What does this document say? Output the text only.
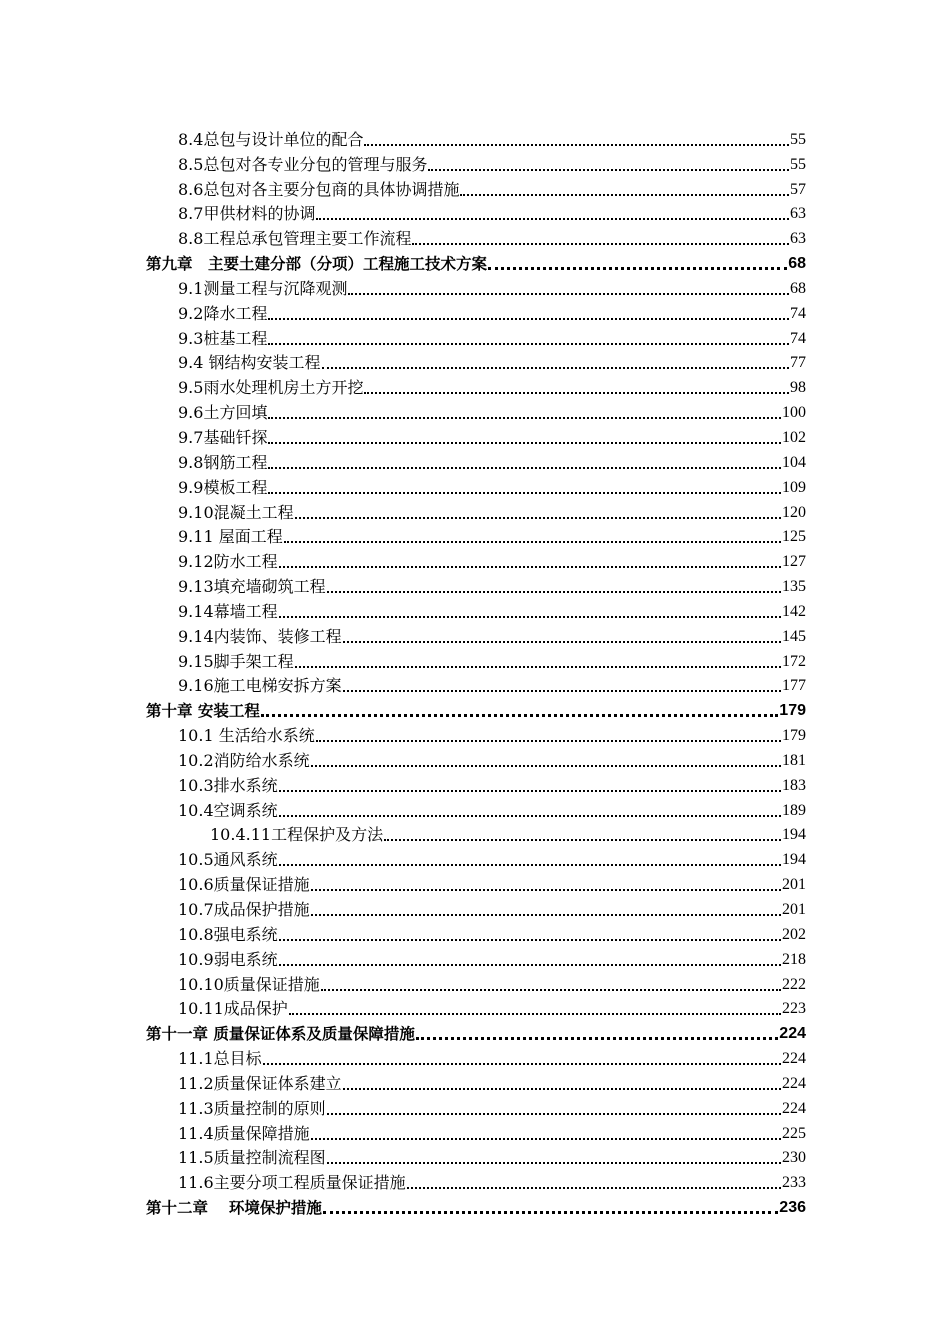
8.4总包与设计单位的配合	55
8.5总包对各专业分包的管理与服务	55
8.6总包对各主要分包商的具体协调措施	57
8.7甲供材料的协调	63
8.8工程总承包管理主要工作流程	63
第九章　主要土建分部（分项）工程施工技术方案	68
9.1测量工程与沉降观测	68
9.2降水工程	74
9.3桩基工程	74
9.4 钢结构安装工程	77
9.5雨水处理机房土方开挖	98
9.6土方回填	100
9.7基础钎探	102
9.8钢筋工程	104
9.9模板工程	109
9.10混凝土工程	120
9.11 屋面工程	125
9.12防水工程	127
9.13填充墙砌筑工程	135
9.14幕墙工程	142
9.14内装饰、装修工程	145
9.15脚手架工程	172
9.16施工电梯安拆方案	177
第十章 安装工程	179
10.1 生活给水系统	179
10.2消防给水系统	181
10.3排水系统	183
10.4空调系统	189
10.4.11工程保护及方法	194
10.5通风系统	194
10.6质量保证措施	201
10.7成品保护措施	201
10.8强电系统	202
10.9弱电系统	218
10.10质量保证措施	222
10.11成品保护	223
第十一章 质量保证体系及质量保障措施	224
11.1总目标	224
11.2质量保证体系建立	224
11.3质量控制的原则	224
11.4质量保障措施	225
11.5质量控制流程图	230
11.6主要分项工程质量保证措施	233
第十二章　 环境保护措施	236
